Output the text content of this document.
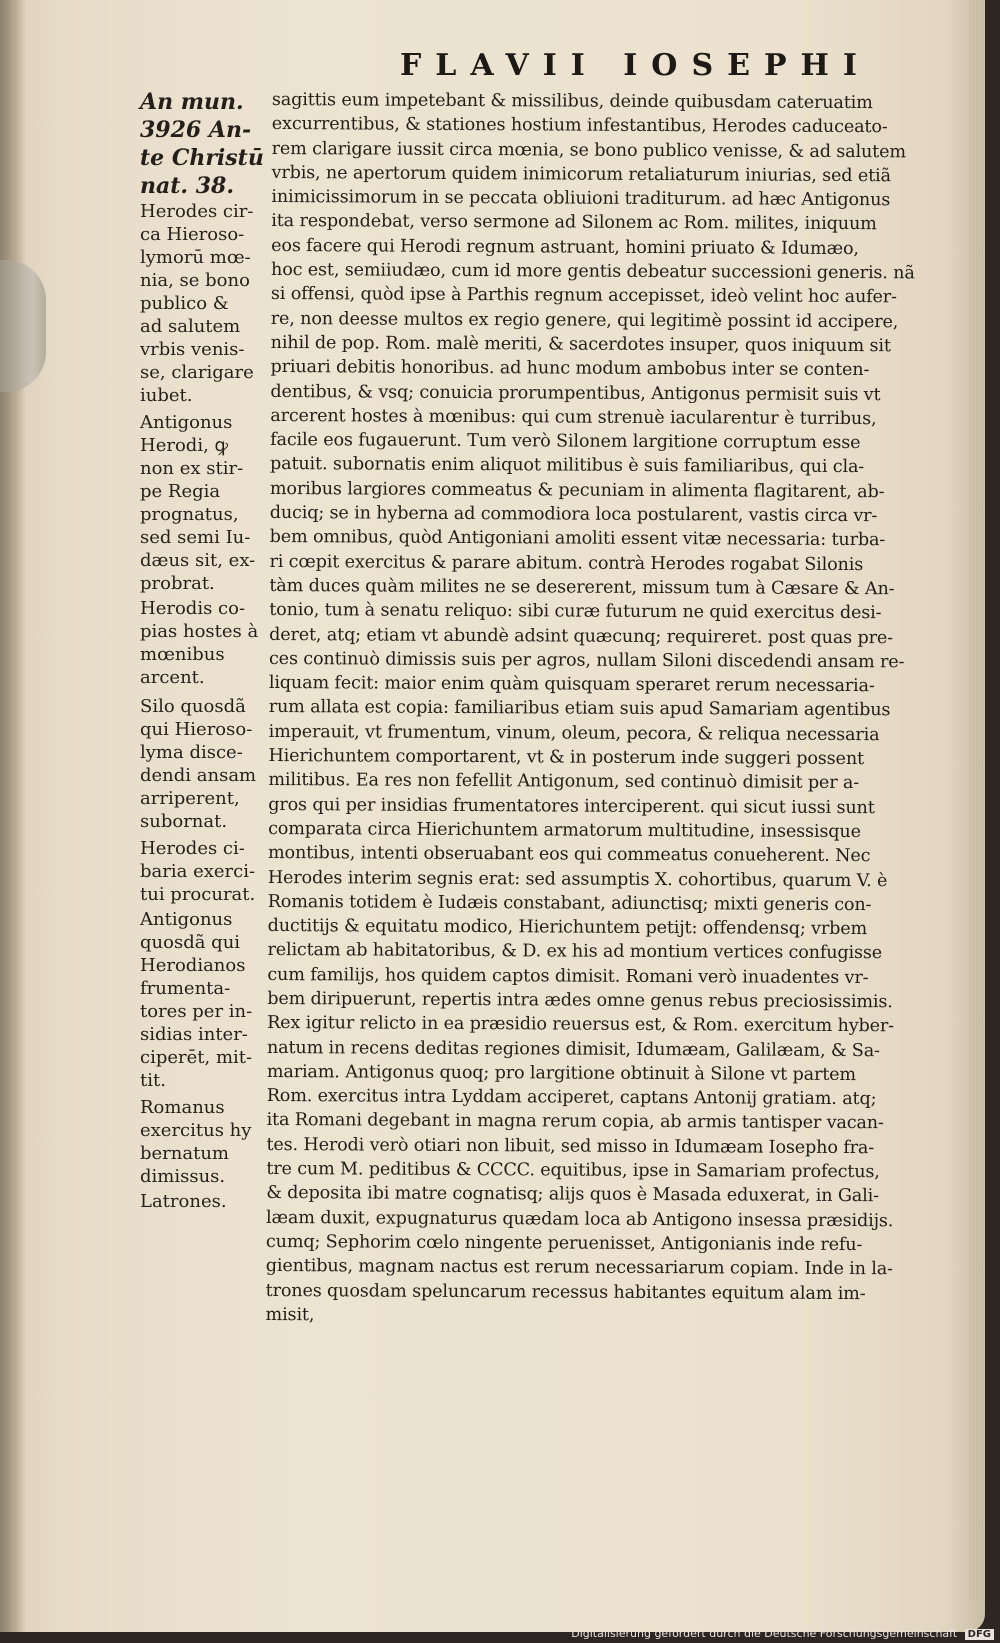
FLAVII IOSEPHI

An mun.

3926 An-

te Christū

nat. 38.

Herodes cir-
ca Hieroso-
lymorū mœ-
nia, se bono
publico &
ad salutem
vrbis venis-
se, clarigare
iubet.

Antigonus
Herodi, ꝙ
non ex stir-
pe Regia
prognatus,
sed semi Iu-
dæus sit, ex-
probrat.

Herodis co-
pias hostes à
mœnibus
arcent.

Silo quosdã
qui Hieroso-
lyma disce-
dendi ansam
arriperent,
subornat.

Herodes ci-
baria exerci-
tui procurat.

Antigonus
quosdã qui
Herodianos
frumenta-
tores per in-
sidias inter-
ciperēt, mit-
tit.

Romanus
exercitus hy
bernatum
dimissus.

Latrones.

sagittis eum impetebant & missilibus, deinde quibusdam cateruatim
excurrentibus, & stationes hostium infestantibus, Herodes caduceato-
rem clarigare iussit circa mœnia, se bono publico venisse, & ad salutem
vrbis, ne apertorum quidem inimicorum retaliaturum iniurias, sed etiã
inimicissimorum in se peccata obliuioni traditurum. ad hæc Antigonus
ita respondebat, verso sermone ad Silonem ac Rom. milites, iniquum
eos facere qui Herodi regnum astruant, homini priuato & Idumæo,
hoc est, semiiudæo, cum id more gentis debeatur successioni generis. nã
si offensi, quòd ipse à Parthis regnum accepisset, ideò velint hoc aufer-
re, non deesse multos ex regio genere, qui legitimè possint id accipere,
nihil de pop. Rom. malè meriti, & sacerdotes insuper, quos iniquum sit
priuari debitis honoribus. ad hunc modum ambobus inter se conten-
dentibus, & vsq; conuicia prorumpentibus, Antigonus permisit suis vt
arcerent hostes à mœnibus: qui cum strenuè iacularentur è turribus,
facile eos fugauerunt. Tum verò Silonem largitione corruptum esse
patuit. subornatis enim aliquot militibus è suis familiaribus, qui cla-
moribus largiores commeatus & pecuniam in alimenta flagitarent, ab-
duciq; se in hyberna ad commodiora loca postularent, vastis circa vr-
bem omnibus, quòd Antigoniani amoliti essent vitæ necessaria: turba-
ri cœpit exercitus & parare abitum. contrà Herodes rogabat Silonis
tàm duces quàm milites ne se desererent, missum tum à Cæsare & An-
tonio, tum à senatu reliquo: sibi curæ futurum ne quid exercitus desi-
deret, atq; etiam vt abundè adsint quæcunq; requireret. post quas pre-
ces continuò dimissis suis per agros, nullam Siloni discedendi ansam re-
liquam fecit: maior enim quàm quisquam speraret rerum necessaria-
rum allata est copia: familiaribus etiam suis apud Samariam agentibus
imperauit, vt frumentum, vinum, oleum, pecora, & reliqua necessaria
Hierichuntem comportarent, vt & in posterum inde suggeri possent
militibus. Ea res non fefellit Antigonum, sed continuò dimisit per a-
gros qui per insidias frumentatores interciperent. qui sicut iussi sunt
comparata circa Hierichuntem armatorum multitudine, insessisque
montibus, intenti obseruabant eos qui commeatus conueherent. Nec
Herodes interim segnis erat: sed assumptis X. cohortibus, quarum V. è
Romanis totidem è Iudæis constabant, adiunctisq; mixti generis con-
ductitijs & equitatu modico, Hierichuntem petijt: offendensq; vrbem
relictam ab habitatoribus, & D. ex his ad montium vertices confugisse
cum familijs, hos quidem captos dimisit. Romani verò inuadentes vr-
bem diripuerunt, repertis intra ædes omne genus rebus preciosissimis.
Rex igitur relicto in ea præsidio reuersus est, & Rom. exercitum hyber-
natum in recens deditas regiones dimisit, Idumæam, Galilæam, & Sa-
mariam. Antigonus quoq; pro largitione obtinuit à Silone vt partem
Rom. exercitus intra Lyddam acciperet, captans Antonij gratiam. atq;
ita Romani degebant in magna rerum copia, ab armis tantisper vacan-
tes. Herodi verò otiari non libuit, sed misso in Idumæam Iosepho fra-
tre cum M. peditibus & CCCC. equitibus, ipse in Samariam profectus,
& deposita ibi matre cognatisq; alijs quos è Masada eduxerat, in Gali-
læam duxit, expugnaturus quædam loca ab Antigono insessa præsidijs.
cumq; Sephorim cœlo ningente peruenisset, Antigonianis inde refu-
gientibus, magnam nactus est rerum necessariarum copiam. Inde in la-
trones quosdam speluncarum recessus habitantes equitum alam im-
misit,
Digitalisierung gefördert durch die Deutsche Forschungsgemeinschaft DFG
